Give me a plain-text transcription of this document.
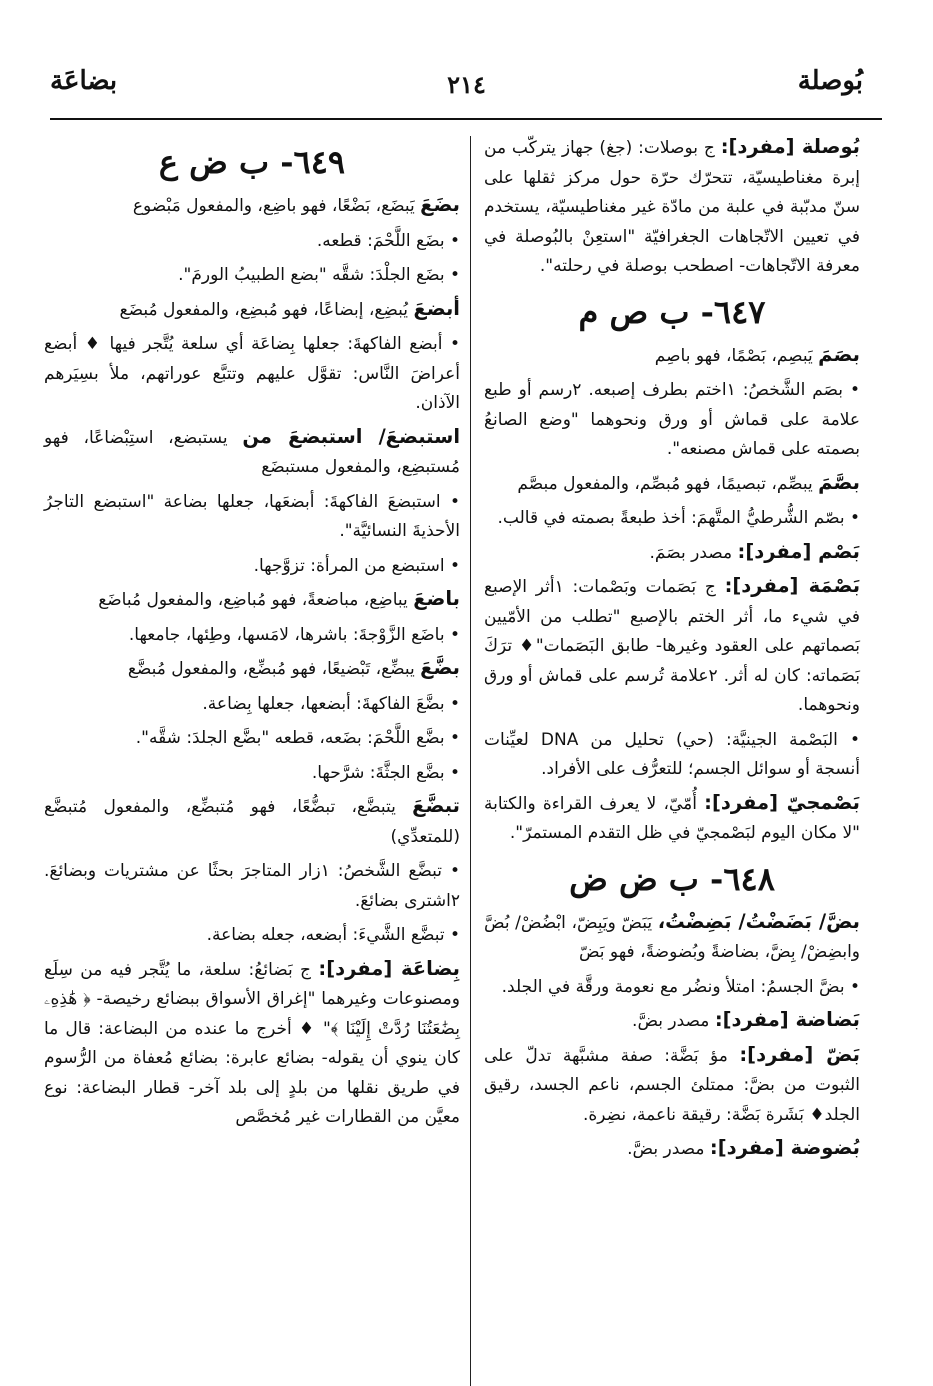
بُوصلة
٢١٤
بضاعَة

بُوصلة [مفرد]: ج بوصلات: (جغ) جهاز يتركّب من إبرة مغناطيسيّة، تتحرّك حرّة حول مركز ثقلها على سنّ مدبّبة في علبة من مادّة غير مغناطيسيّة، يستخدم في تعيين الاتّجاهات الجغرافيّة "استعِنْ بالبُوصلة في معرفة الاتّجاهات- اصطحب بوصلة في رحلته".

٦٤٧- ب ص م

بصَمَ يَبصِم، بَصْمًا، فهو باصِم

• بصَم الشَّخصُ: ١اختم بطرف إصبعه. ٢رسم أو طبع علامة على قماش أو ورق ونحوهما "وضع الصانعُ بصمته على قماش مصنعه".

بصَّمَ يبصِّم، تبصيمًا، فهو مُبصِّم، والمفعول مبصَّم

• بصّم الشُّرطيُّ المتَّهمَ: أخذ طبعةً بصمته في قالب.

بَصْم [مفرد]: مصدر بصَمَ.

بَصْمَة [مفرد]: ج بَصَمات وبَصْمات: ١أثر الإصبع في شيء ما، أثر الختم بالإصبع "تطلب من الأمّيين بَصماتهم على العقود وغيرها- طابق البَصَمات"♦ ترَكَ بَصَماته: كان له أثر. ٢علامة تُرسم على قماش أو ورق ونحوهما.

• البَصْمة الجينيَّة: (حي) تحليل من DNA لعيِّنات أنسجة أو سوائل الجسم؛ للتعرُّف على الأفراد.

بَصْمجيّ [مفرد]: أُمّيّ، لا يعرف القراءة والكتابة "لا مكان اليوم لبَصْمجيّ في ظل التقدم المستمرّ".

٦٤٨- ب ض ض

بضَّ/ بَضَضْتُ/ بَضِضْتُ، يَبَضّ ويَبِضّ، ابْضُضْ/ بُضَّ وابضِضْ/ بِضَّ، بضاضةً وبُضوضةً، فهو بَضّ

• بضَّ الجسمُ: امتلأ ونضُر مع نعومة ورقَّة في الجلد.

بَضاضة [مفرد]: مصدر بضَّ.

بَضّ [مفرد]: مؤ بَضَّة: صفة مشبَّهة تدلّ على الثبوت من بضَّ: ممتلئ الجسم، ناعم الجسد، رقيق الجلد♦ بَشَرة بَضَّة: رقيقة ناعمة، نضِرة.

بُضوضة [مفرد]: مصدر بضَّ.

٦٤٩- ب ض ع

بضَعَ يَبضَع، بَضْعًا، فهو باضِع، والمفعول مَبْضوع

• بضَع اللَّحْمَ: قطعه.

• بضَع الجلْدَ: شقَّه "بضع الطبيبُ الورمَ".

أبضعَ يُبضِع، إبضاعًا، فهو مُبضِع، والمفعول مُبضَع

• أبضع الفاكهةَ: جعلها بِضاعَة أي سلعة يُتَّجر فيها ♦ أبضع أعراضَ النَّاس: تقوَّل عليهم وتتبَّع عوراتهم، ملأ بسِيَرهم الآذان.

استبضعَ/ استبضعَ من يستبضع، استِبْضاعًا، فهو مُستبضِع، والمفعول مستبضَع

• استبضعَ الفاكهةَ: أبضعَها، جعلها بضاعة "استبضع التاجرُ الأحذيةَ النسائيَّة".

• استبضع من المرأة: تزوَّجها.

باضعَ يباضِع، مباضعةً، فهو مُباضِع، والمفعول مُباضَع

• باضَع الزَّوْجةَ: باشرها، لامَسها، وطِئها، جامعها.

بضَّعَ يبضِّع، تَبْضيعًا، فهو مُبضِّع، والمفعول مُبضَّع

• بضَّعَ الفاكهةَ: أبضعها، جعلها بِضاعة.

• بضَّع اللَّحْمَ: بضَعه، قطعه "بضَّع الجلدَ: شقَّه".

• بضَّع الجثَّةَ: شرَّحها.

تبضَّعَ يتبضَّع، تبضُّعًا، فهو مُتبضِّع، والمفعول مُتبضَّع (للمتعدِّي)

• تبضَّع الشَّخصُ: ١زار المتاجرَ بحثًا عن مشتريات وبضائعَ. ٢اشترى بضائعَ.

• تبضَّع الشَّيءَ: أبضعه، جعله بضاعة.

بِضاعَة [مفرد]: ج بَضائعُ: سلعة، ما يُتَّجر فيه من سِلَع ومصنوعات وغيرهما "إغراق الأسواق ببضائع رخيصة- ﴿ هَٰذِهِۦ بِضَٰعَتُنَا رُدَّتْ إِلَيْنَا ﴾" ♦ أخرج ما عنده من البضاعة: قال ما كان ينوي أن يقوله- بضائع عابرة: بضائع مُعفاة من الرُّسوم في طريق نقلها من بلدٍ إلى بلد آخر- قطار البضاعة: نوع معيَّن من القطارات غير مُخصَّص
